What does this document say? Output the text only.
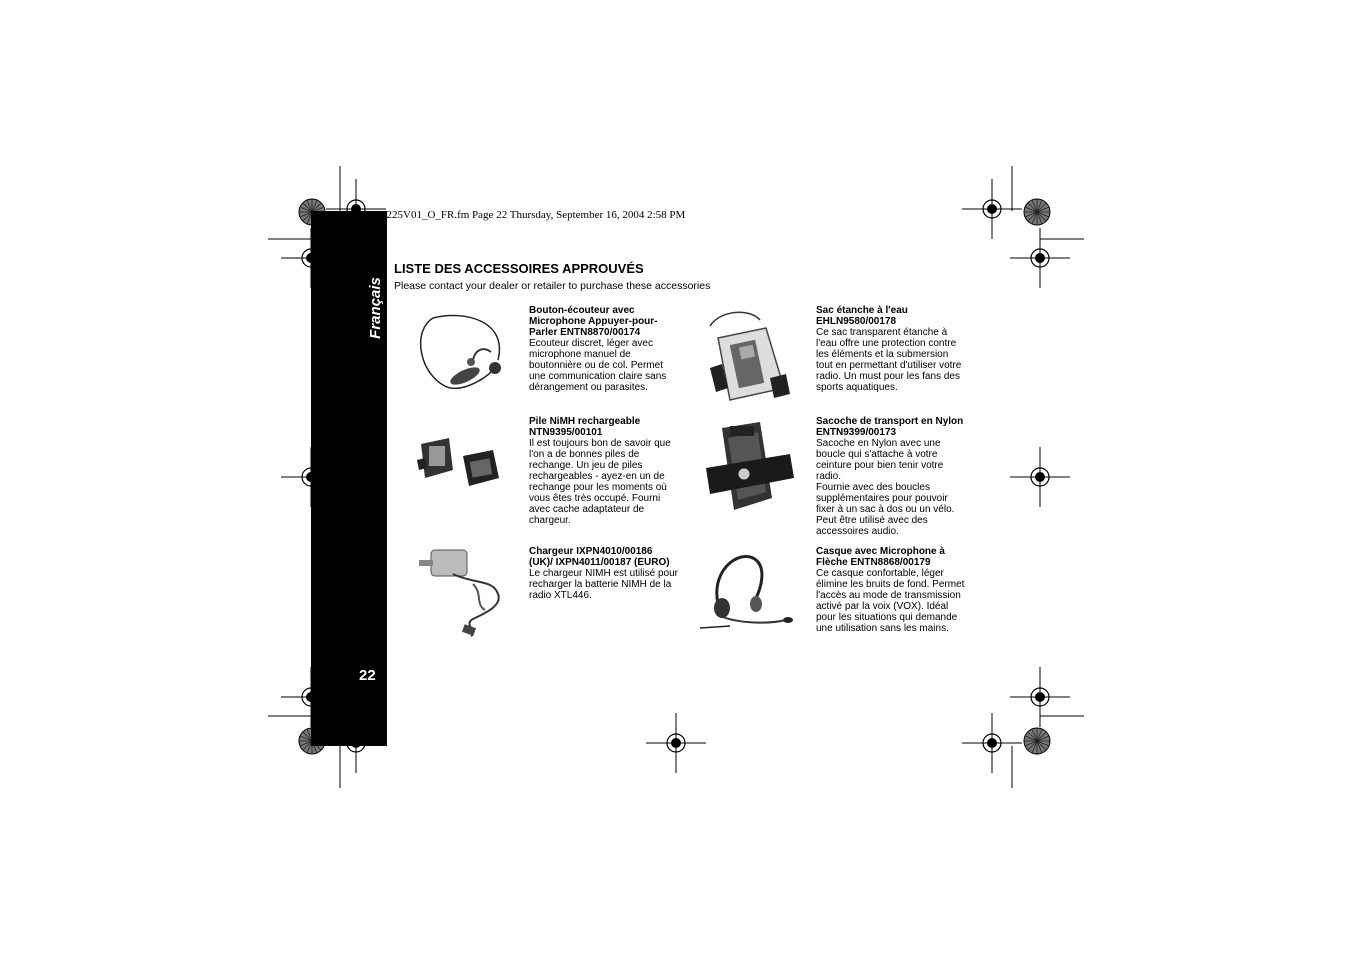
Français
22
364225V01_O_FR.fm Page 22 Thursday, September 16, 2004 2:58 PM
LISTE DES ACCESSOIRES APPROUVÉS
Please contact your dealer or retailer to purchase these accessories
Bouton-écouteur avec Microphone Appuyer-pour-Parler ENTN8870/00174
Ecouteur discret, léger avec microphone manuel de boutonnière ou de col. Permet une communication claire sans dérangement ou parasites.
Pile NiMH rechargeable NTN9395/00101
Il est toujours bon de savoir que l'on a de bonnes piles de rechange. Un jeu de piles rechargeables - ayez-en un de rechange pour les moments où vous êtes très occupé. Fourni avec cache adaptateur de chargeur.
Chargeur IXPN4010/00186 (UK)/ IXPN4011/00187 (EURO)
Le chargeur NIMH est utilisé pour recharger la batterie NIMH de la radio XTL446.
Sac étanche à l'eau EHLN9580/00178
Ce sac transparent étanche à l'eau offre une protection contre les éléments et la submersion tout en permettant d'utiliser votre radio. Un must pour les fans des sports aquatiques.
Sacoche de transport en Nylon ENTN9399/00173
Sacoche en Nylon avec une boucle qui s'attache à votre ceinture pour bien tenir votre radio.
Fournie avec des boucles supplémentaires pour pouvoir fixer à un sac à dos ou un vélo. Peut être utilisé avec des accessoires audio.
Casque avec Microphone à Flèche ENTN8868/00179
Ce casque confortable, léger élimine les bruits de fond. Permet l'accès au mode de transmission activé par la voix (VOX). Idéal pour les situations qui demande une utilisation sans les mains.
